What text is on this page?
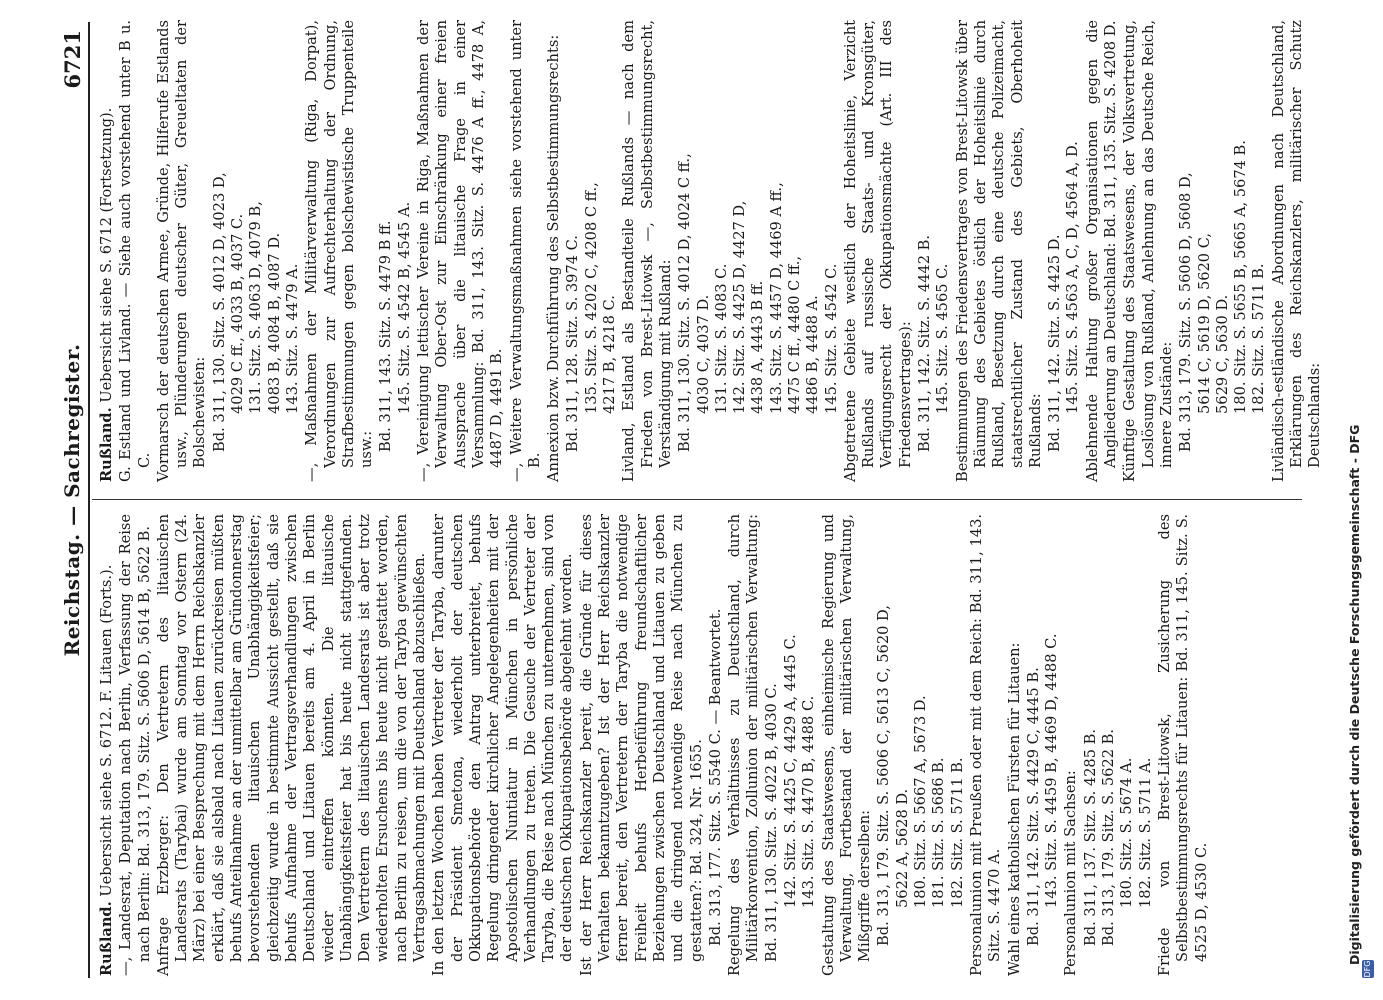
Reichstag. — Sachregister.
6721
Rußland. Uebersicht siehe S. 6712. F. Litauen (Forts.). —, Landesrat, Deputation nach Berlin, Verfassung der Reise nach Berlin: Bd. 313, 179. Sitz. S. 5606 D, 5614 B, 5622 B. Anfrage Erzberger: Den Vertretern des litauischen Landesrats (Tarybai) wurde am Sonntag vor Ostern (24. März) bei einer Besprechung mit dem Herrn Reichskanzler erklärt, daß sie alsbald nach Litauen zurückreisen müßten behufs Anteilnahme an der unmittelbar am Gründonnerstag bevorstehenden litauischen Unabhängigkeitsfeier; gleichzeitig wurde in bestimmte Aussicht gestellt, daß sie behufs Aufnahme der Vertragsverhandlungen zwischen Deutschland und Litauen bereits am 4. April in Berlin wieder eintreffen könnten. Die litauische Unabhängigkeitsfeier hat bis heute nicht stattgefunden. Den Vertretern des litauischen Landesrats ist aber trotz wiederholten Ersuchens bis heute nicht gestattet worden, nach Berlin zu reisen, um die von der Taryba gewünschten Vertragsabmachungen mit Deutschland abzuschließen. In den letzten Wochen haben Vertreter der Taryba, darunter der Präsident Smetona, wiederholt der deutschen Okkupationsbehörde den Antrag unterbreitet, behufs Regelung dringender kirchlicher Angelegenheiten mit der Apostolischen Nuntiatur in München in persönliche Verhandlungen zu treten. Die Gesuche der Vertreter der Taryba, die Reise nach München zu unternehmen, sind von der deutschen Okkupationsbehörde abgelehnt worden. Ist der Herr Reichskanzler bereit, die Gründe für dieses Verhalten bekanntzugeben? Ist der Herr Reichskanzler ferner bereit, den Vertretern der Taryba die notwendige Freiheit behufs Herbeiführung freundschaftlicher Beziehungen zwischen Deutschland und Litauen zu geben und die dringend notwendige Reise nach München zu gestatten?: Bd. 324, Nr. 1655. Bd. 313, 177. Sitz. S. 5540 C. — Beantwortet. Regelung des Verhältnisses zu Deutschland, durch Militärkonvention, Zollunion der militärischen Verwaltung: Bd. 311, 130. Sitz. S. 4022 B, 4030 C. 142. Sitz. S. 4425 C, 4429 A, 4445 C. 143. Sitz. S. 4470 B, 4488 C. Gestaltung des Staatswesens, einheimische Regierung und Verwaltung, Fortbestand der militärischen Verwaltung, Mißgriffe derselben: Bd. 313, 179. Sitz. S. 5606 C, 5613 C, 5620 D, 5622 A, 5628 D. 180. Sitz. S. 5667 A, 5673 D. 181. Sitz. S. 5686 B. 182. Sitz. S. 5711 B. Personalunion mit Preußen oder mit dem Reich: Bd. 311, 143. Sitz. S. 4470 A. Wahl eines katholischen Fürsten für Litauen: Bd. 311, 142. Sitz. S. 4429 C, 4445 B. 143. Sitz. S. 4459 B, 4469 D, 4488 C. Personalunion mit Sachsen: Bd. 311, 137. Sitz. S. 4285 B. Bd. 313, 179. Sitz. S. 5622 B. 180. Sitz. S. 5674 A. 182. Sitz. S. 5711 A. Friede von Brest-Litowsk, Zusicherung des Selbstbestimmungsrechts für Litauen: Bd. 311, 145. Sitz. S. 4525 D, 4530 C.
Rußland. Uebersicht siehe S. 6712 (Fortsetzung). G. Estland und Livland. — Siehe auch vorstehend unter B u. C. Vormarsch der deutschen Armee, Gründe, Hilferufe Estlands usw., Plünderungen deutscher Güter, Greueltaten der Bolschewisten: Bd. 311, 130. Sitz. S. 4012 D, 4023 D, 4029 C ff., 4033 B, 4037 C. 131. Sitz. S. 4063 D, 4079 B, 4083 B, 4084 B, 4087 D. 143. Sitz. S. 4479 A. —, Maßnahmen der Militärverwaltung (Riga, Dorpat), Verordnungen zur Aufrechterhaltung der Ordnung, Strafbestimmungen gegen bolschewistische Truppenteile usw.: Bd. 311, 143. Sitz. S. 4479 B ff. 145. Sitz. S. 4542 B, 4545 A. —, Vereinigung lettischer Vereine in Riga, Maßnahmen der Verwaltung Ober-Ost zur Einschränkung einer freien Aussprache über die litauische Frage in einer Versammlung: Bd. 311, 143. Sitz. S. 4476 A ff., 4478 A, 4487 D, 4491 B. —, Weitere Verwaltungsmaßnahmen siehe vorstehend unter B. Annexion bzw. Durchführung des Selbstbestimmungsrechts: Bd. 311, 128. Sitz. S. 3974 C. 135. Sitz. S. 4202 C, 4208 C ff., 4217 B, 4218 C. Livland, Estland als Bestandteile Rußlands — nach dem Frieden von Brest-Litowsk —, Selbstbestimmungsrecht, Verständigung mit Rußland: Bd. 311, 130. Sitz. S. 4012 D, 4024 C ff., 4030 C, 4037 D. 131. Sitz. S. 4083 C. 142. Sitz. S. 4425 D, 4427 D, 4438 A, 4443 B ff. 143. Sitz. S. 4457 D, 4469 A ff., 4475 C ff., 4480 C ff., 4486 B, 4488 A. 145. Sitz. S. 4542 C. Abgetretene Gebiete westlich der Hoheitslinie, Verzicht Rußlands auf russische Staats- und Kronsgüter, Verfügungsrecht der Okkupationsmächte (Art. III des Friedensvertrages): Bd. 311, 142. Sitz. S. 4442 B. 145. Sitz. S. 4565 C. Bestimmungen des Friedensvertrages von Brest-Litowsk über Räumung des Gebietes östlich der Hoheitslinie durch Rußland, Besetzung durch eine deutsche Polizeimacht, staatsrechtlicher Zustand des Gebiets, Oberhoheit Rußlands: Bd. 311, 142. Sitz. S. 4425 D. 145. Sitz. S. 4563 A, C, D, 4564 A, D. Ablehnende Haltung großer Organisationen gegen die Angliederung an Deutschland: Bd. 311, 135. Sitz. S. 4208 D. Künftige Gestaltung des Staatswesens, der Volksvertretung, Loslösung von Rußland, Anlehnung an das Deutsche Reich, innere Zustände: Bd. 313, 179. Sitz. S. 5606 D, 5608 D, 5614 C, 5619 D, 5620 C, 5629 C, 5630 D. 180. Sitz. S. 5655 B, 5665 A, 5674 B. 182. Sitz. S. 5711 B. Livländisch-estländische Abordnungen nach Deutschland, Erklärungen des Reichskanzlers, militärischer Schutz Deutschlands:
DFG
Digitalisierung gefördert durch die Deutsche Forschungsgemeinschaft - DFG
